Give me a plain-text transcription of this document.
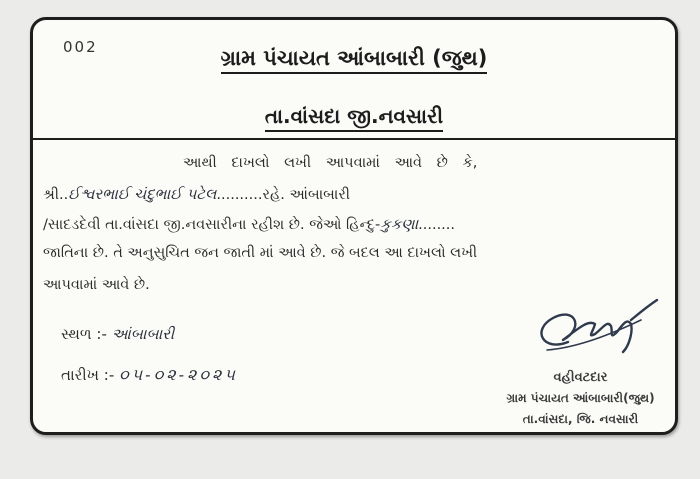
002	ગ્રામ પંચાયત આંબાબારી (જુથ)
તા.વાંસદા જી.નવસારી
આથી દાખલો લખી આપવામાં આવે છે કે,
શ્રી..ઈશ્વરભાઈ ચંદુભાઈ પટેલ..........રહે. આંબાબારી
/સાદડદેવી તા.વાંસદા જી.નવસારીના રહીશ છે. જેઓ હિન્દુ-કુકણા........
જાતિના છે. તે અનુસુચિત જન જાતી માં આવે છે. જે બદલ આ દાખલો લખી
આપવામાં આવે છે.
સ્થળ :- આંબાબારી
તારીખ :- ૦૫-૦૨-૨૦૨૫	વહીવટદાર
ગ્રામ પંચાયત આંબાબારી(જુથ)
તા.વાંસદા, જિ. નવસારી
